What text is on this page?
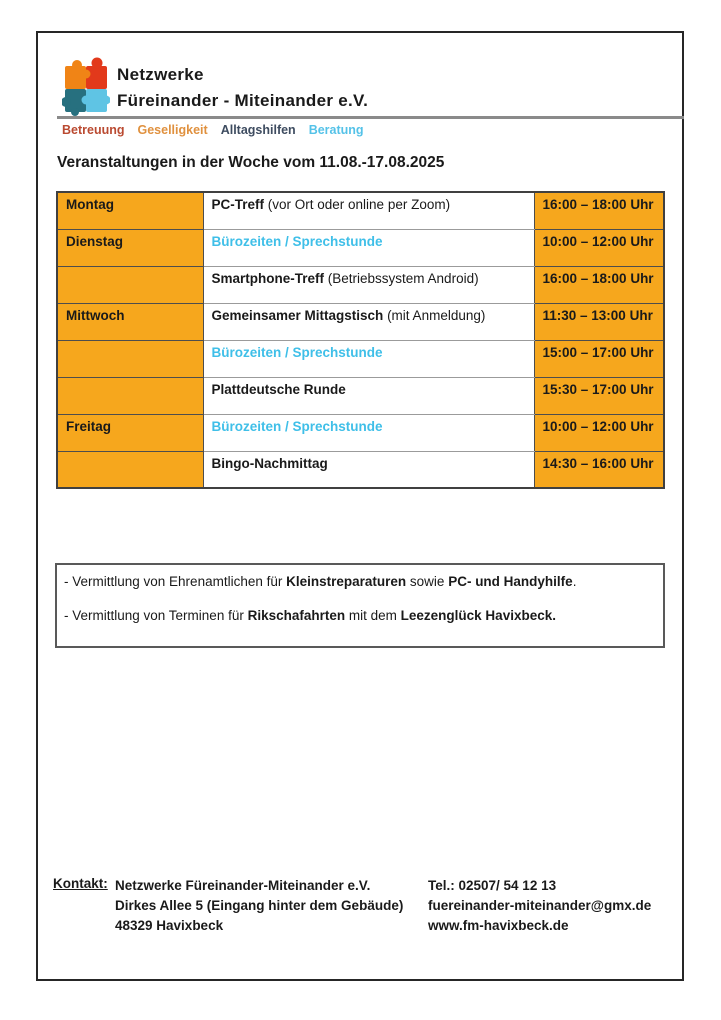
Netzwerke
Füreinander - Miteinander e.V.
Betreuung Geselligkeit Alltagshilfen Beratung
Veranstaltungen in der Woche vom 11.08.-17.08.2025
Montag	PC-Treff (vor Ort oder online per Zoom)	16:00 – 18:00 Uhr
Dienstag	Bürozeiten / Sprechstunde	10:00 – 12:00 Uhr
	Smartphone-Treff (Betriebssystem Android)	16:00 – 18:00 Uhr
Mittwoch	Gemeinsamer Mittagstisch (mit Anmeldung)	11:30 – 13:00 Uhr
	Bürozeiten / Sprechstunde	15:00 – 17:00 Uhr
	Plattdeutsche Runde	15:30 – 17:00 Uhr
Freitag	Bürozeiten / Sprechstunde	10:00 – 12:00 Uhr
	Bingo-Nachmittag	14:30 – 16:00 Uhr

- Vermittlung von Ehrenamtlichen für Kleinstreparaturen sowie PC- und Handyhilfe.

- Vermittlung von Terminen für Rikschafahrten mit dem Leezenglück Havixbeck.

Kontakt: Netzwerke Füreinander-Miteinander e.V.
Dirkes Allee 5 (Eingang hinter dem Gebäude)
48329 Havixbeck
Tel.: 02507/ 54 12 13
fuereinander-miteinander@gmx.de
www.fm-havixbeck.de
